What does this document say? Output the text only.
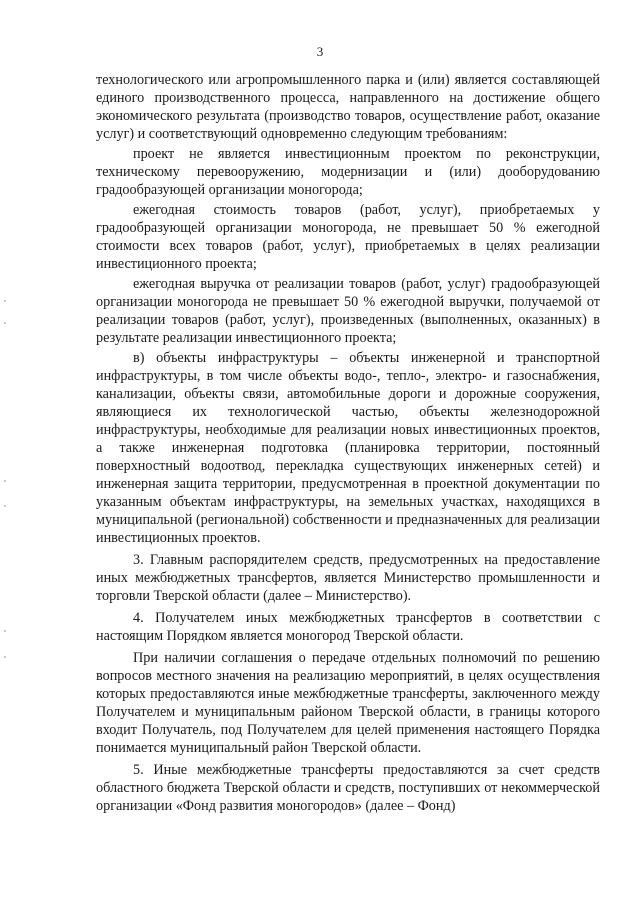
3

технологического или агропромышленного парка и (или) является составляющей единого производственного процесса, направленного на достижение общего экономического результата (производство товаров, осуществление работ, оказание услуг) и соответствующий одновременно следующим требованиям:

проект не является инвестиционным проектом по реконструкции, техническому перевооружению, модернизации и (или) дооборудованию градообразующей организации моногорода;

ежегодная стоимость товаров (работ, услуг), приобретаемых у градообразующей организации моногорода, не превышает 50 % ежегодной стоимости всех товаров (работ, услуг), приобретаемых в целях реализации инвестиционного проекта;

ежегодная выручка от реализации товаров (работ, услуг) градообразующей организации моногорода не превышает 50 % ежегодной выручки, получаемой от реализации товаров (работ, услуг), произведенных (выполненных, оказанных) в результате реализации инвестиционного проекта;

в) объекты инфраструктуры – объекты инженерной и транспортной инфраструктуры, в том числе объекты водо-, тепло-, электро- и газоснабжения, канализации, объекты связи, автомобильные дороги и дорожные сооружения, являющиеся их технологической частью, объекты железнодорожной инфраструктуры, необходимые для реализации новых инвестиционных проектов, а также инженерная подготовка (планировка территории, постоянный поверхностный водоотвод, перекладка существующих инженерных сетей) и инженерная защита территории, предусмотренная в проектной документации по указанным объектам инфраструктуры, на земельных участках, находящихся в муниципальной (региональной) собственности и предназначенных для реализации инвестиционных проектов.

3. Главным распорядителем средств, предусмотренных на предоставление иных межбюджетных трансфертов, является Министерство промышленности и торговли Тверской области (далее – Министерство).

4. Получателем иных межбюджетных трансфертов в соответствии с настоящим Порядком является моногород Тверской области.

При наличии соглашения о передаче отдельных полномочий по решению вопросов местного значения на реализацию мероприятий, в целях осуществления которых предоставляются иные межбюджетные трансферты, заключенного между Получателем и муниципальным районом Тверской области, в границы которого входит Получатель, под Получателем для целей применения настоящего Порядка понимается муниципальный район Тверской области.

5. Иные межбюджетные трансферты предоставляются за счет средств областного бюджета Тверской области и средств, поступивших от некоммерческой организации «Фонд развития моногородов» (далее – Фонд)
